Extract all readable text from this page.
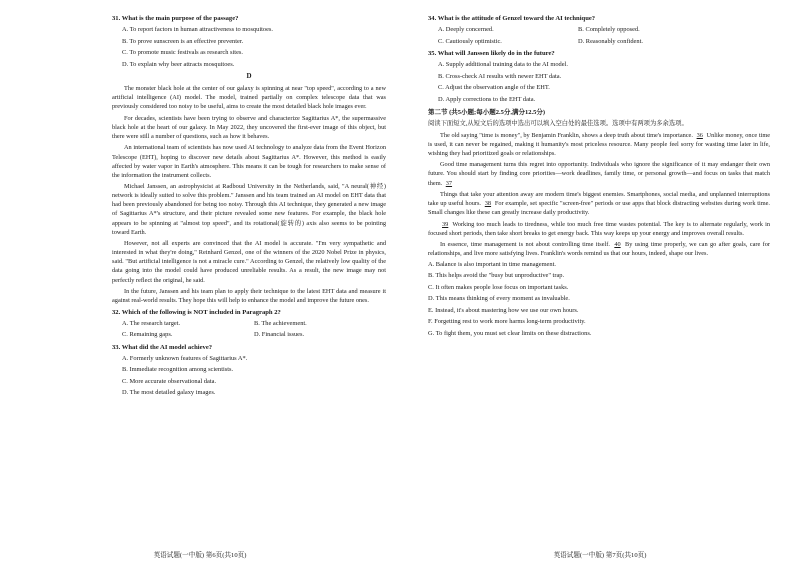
31. What is the main purpose of the passage?
A. To report factors in human attractiveness to mosquitoes.
B. To prove sunscreen is an effective preventer.
C. To promote music festivals as research sites.
D. To explain why beer attracts mosquitoes.
D

The monster black hole at the center of our galaxy is spinning at near "top speed", according to a new artificial intelligence (AI) model. The model, trained partially on complex telescope data that was previously considered too noisy to be useful, aims to create the most detailed black hole images ever.

For decades, scientists have been trying to observe and characterize Sagittarius A*, the supermassive black hole at the heart of our galaxy. In May 2022, they uncovered the first-ever image of this object, but there were still a number of questions, such as how it behaves.

An international team of scientists has now used AI technology to analyze data from the Event Horizon Telescope (EHT), hoping to discover new details about Sagittarius A*. However, this method is easily affected by water vapor in Earth's atmosphere. This means it can be tough for researchers to make sense of the information the instrument collects.

Michael Janssen, an astrophysicist at Radboud University in the Netherlands, said, "A neural(神经) network is ideally suited to solve this problem." Janssen and his team trained an AI model on EHT data that had been previously abandoned for being too noisy. Through this AI technique, they generated a new image of Sagittarius A*'s structure, and their picture revealed some new features. For example, the black hole appears to be spinning at "almost top speed", and its rotational(旋转的) axis also seems to be pointing toward Earth.

However, not all experts are convinced that the AI model is accurate. "I'm very sympathetic and interested in what they're doing," Reinhard Genzel, one of the winners of the 2020 Nobel Prize in physics, said. "But artificial intelligence is not a miracle cure." According to Genzel, the relatively low quality of the data going into the model could have produced unreliable results. As a result, the new image may not perfectly reflect the original, he said.

In the future, Janssen and his team plan to apply their technique to the latest EHT data and measure it against real-world results. They hope this will help to enhance the model and improve the future ones.

32. Which of the following is NOT included in Paragraph 2?
A. The research target.	B. The achievement.
C. Remaining gaps.	D. Financial issues.
33. What did the AI model achieve?
A. Formerly unknown features of Sagittarius A*.
B. Immediate recognition among scientists.
C. More accurate observational data.
D. The most detailed galaxy images.
英语试题(一中版) 第6页(共10页)
34. What is the attitude of Genzel toward the AI technique?
A. Deeply concerned.	B. Completely opposed.
C. Cautiously optimistic.	D. Reasonably confident.
35. What will Janssen likely do in the future?
A. Supply additional training data to the AI model.
B. Cross-check AI results with newer EHT data.
C. Adjust the observation angle of the EHT.
D. Apply corrections to the EHT data.
第二节 (共5小题;每小题2.5分,满分12.5分)

阅读下面短文,从短文后的选项中选出可以填入空白处的最佳选项。选项中有两项为多余选项。

The old saying "time is money", by Benjamin Franklin, shows a deep truth about time's importance. 36 Unlike money, once time is used, it can never be regained, making it humanity's most priceless resource. Many people feel sorry for wasting time later in life, wishing they had prioritized goals or relationships.

Good time management turns this regret into opportunity. Individuals who ignore the significance of it may endanger their own future. You should start by finding core priorities—work deadlines, family time, or personal growth—and focus on tasks that match them. 37

Things that take your attention away are modern time's biggest enemies. Smartphones, social media, and unplanned interruptions take up useful hours. 38 For example, set specific "screen-free" periods or use apps that block distracting websites during work time. Small changes like these can greatly increase daily productivity.

39 Working too much leads to tiredness, while too much free time wastes potential. The key is to alternate regularly, work in focused short periods, then take short breaks to get energy back. This way keeps up your energy and improves overall results.

In essence, time management is not about controlling time itself. 40 By using time properly, we can go after goals, care for relationships, and live more satisfying lives. Franklin's words remind us that our hours, indeed, shape our lives.

A. Balance is also important in time management.
B. This helps avoid the "busy but unproductive" trap.
C. It often makes people lose focus on important tasks.
D. This means thinking of every moment as invaluable.
E. Instead, it's about mastering how we use our own hours.
F. Forgetting rest to work more harms long-term productivity.
G. To fight them, you must set clear limits on these distractions.
英语试题(一中版) 第7页(共10页)
